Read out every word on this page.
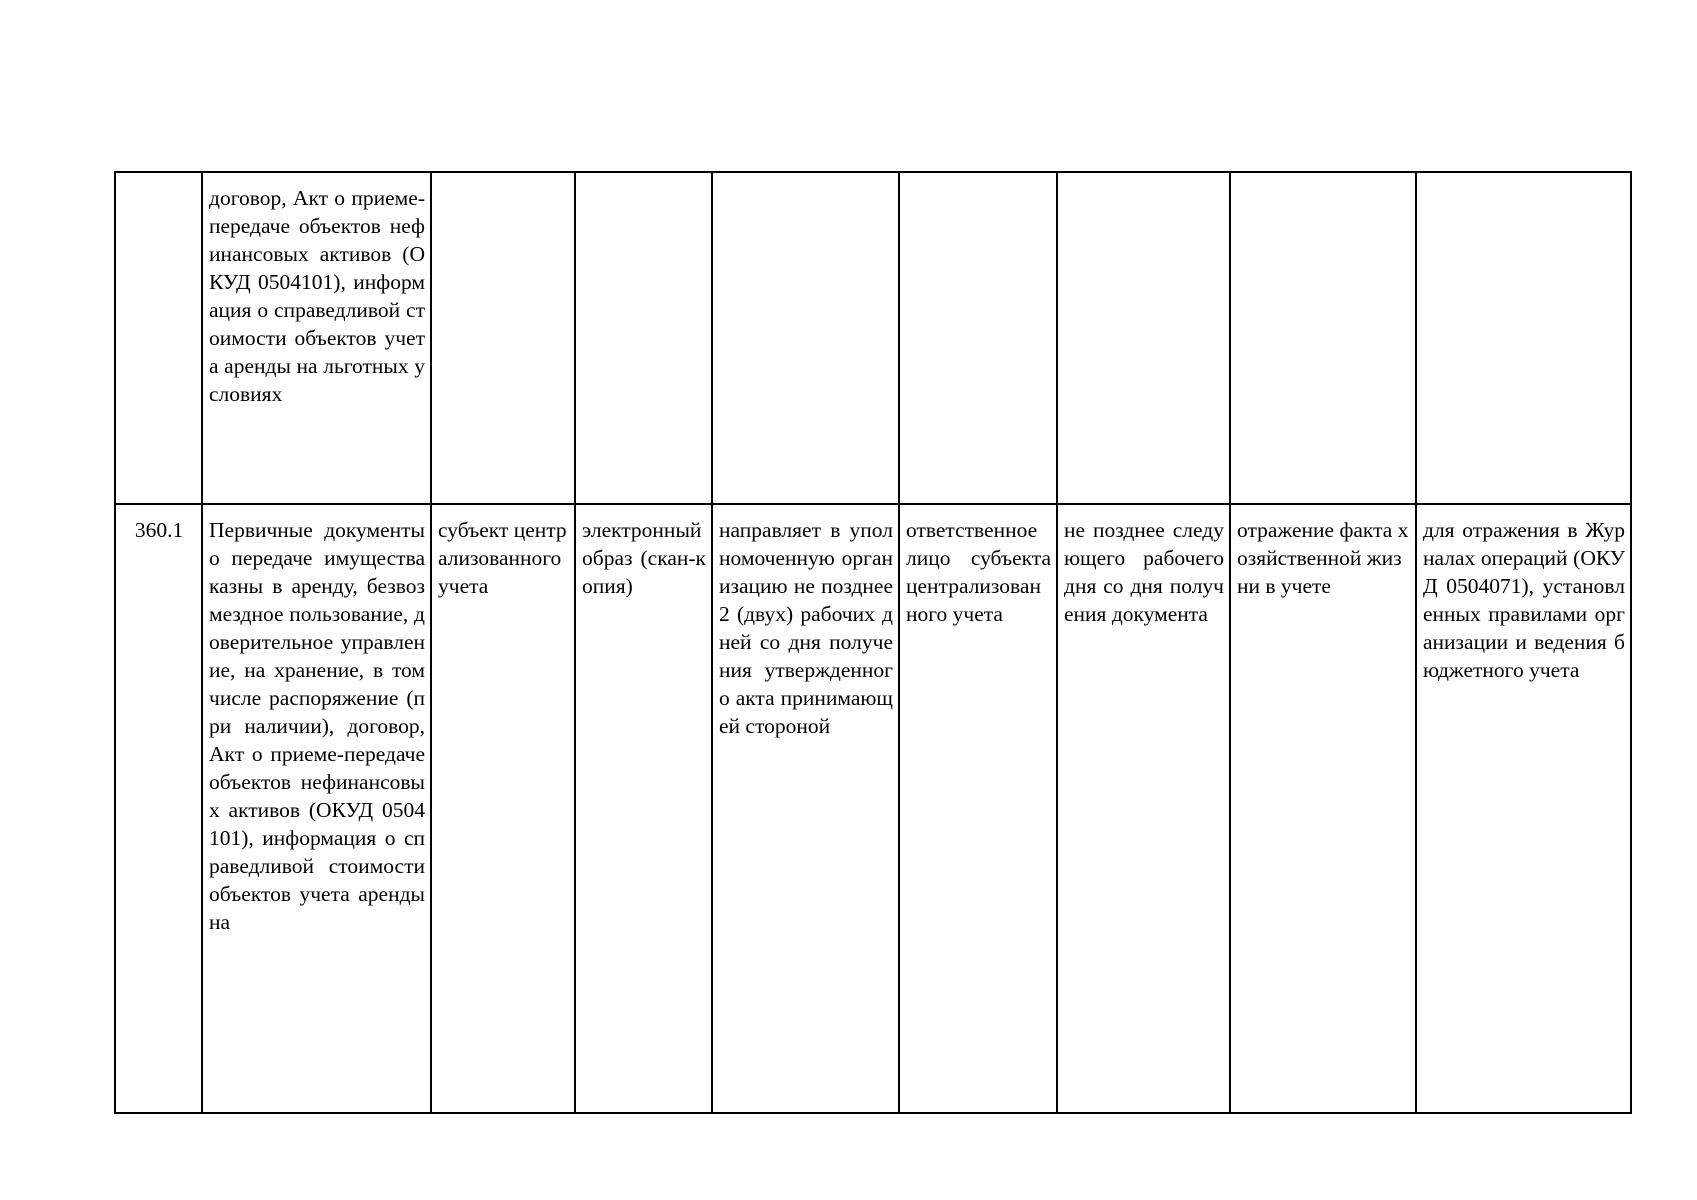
	договор, Акт о приеме-передаче объектов нефинансовых активов (ОКУД 0504101), информация о справедливой стоимости объектов учета аренды на льготных условиях							
360.1	Первичные документы о передаче имущества казны в аренду, безвозмездное пользование, доверительное управление, на хранение, в том числе распоряжение (при наличии), договор, Акт о приеме-передаче объектов нефинансовых активов (ОКУД 0504101), информация о справедливой стоимости объектов учета аренды на	субъект централизованного учета	электронный образ (скан-копия)	направляет в уполномоченную организацию не позднее 2 (двух) рабочих дней со дня получения утвержденного акта принимающей стороной	ответственное лицо субъекта централизованного учета	не позднее следующего рабочего дня со дня получения документа	отражение факта хозяйственной жизни в учете	для отражения в Журналах операций (ОКУД 0504071), установленных правилами организации и ведения бюджетного учета
